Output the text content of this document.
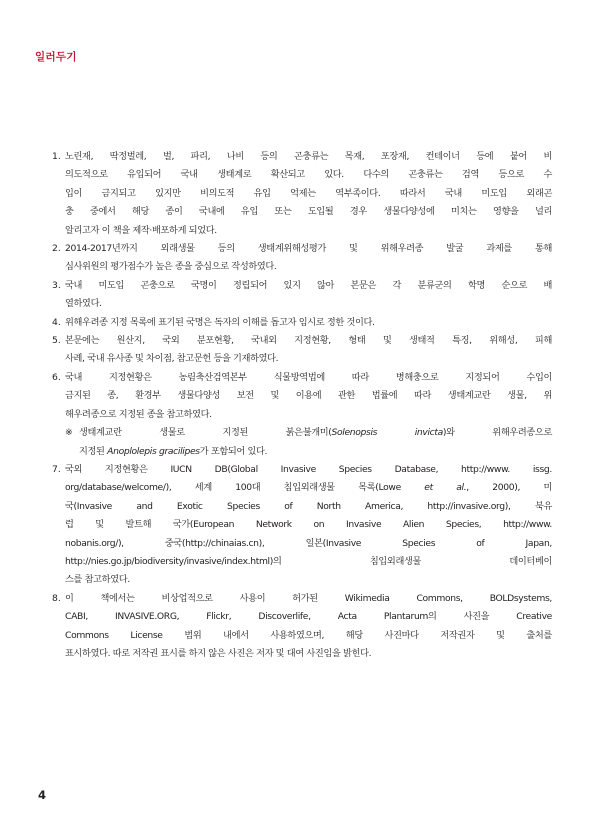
일러두기
1. 노린재, 딱정벌레, 벌, 파리, 나비 등의 곤충류는 목재, 포장재, 컨테이너 등에 붙어 비
의도적으로 유입되어 국내 생태계로 확산되고 있다. 다수의 곤충류는 검역 등으로 수
입이 금지되고 있지만 비의도적 유입 억제는 역부족이다. 따라서 국내 미도입 외래곤
충 중에서 해당 종이 국내에 유입 또는 도입될 경우 생물다양성에 미치는 영향을 널리
알리고자 이 책을 제작·배포하게 되었다.
2. 2014-2017년까지 외래생물 등의 생태계위해성평가 및 위해우려종 발굴 과제를 통해
심사위원의 평가점수가 높은 종을 중심으로 작성하였다.
3. 국내 미도입 곤충으로 국명이 정립되어 있지 않아 본문은 각 분류군의 학명 순으로 배
열하였다.
4. 위해우려종 지정 목록에 표기된 국명은 독자의 이해를 돕고자 임시로 정한 것이다.
5. 본문에는 원산지, 국외 분포현황, 국내외 지정현황, 형태 및 생태적 특징, 위해성, 피해
사례, 국내 유사종 및 차이점, 참고문헌 등을 기재하였다.
6. 국내 지정현황은 농림축산검역본부 식물방역법에 따라 병해충으로 지정되어 수입이
금지된 종, 환경부 생물다양성 보전 및 이용에 관한 법률에 따라 생태계교란 생물, 위
해우려종으로 지정된 종을 참고하였다.
※ 생태계교란 생물로 지정된 붉은불개미(Solenopsis invicta)와 위해우려종으로
지정된 Anoplolepis gracilipes가 포함되어 있다.
7. 국외 지정현황은 IUCN DB(Global Invasive Species Database, http://www. issg.
org/database/welcome/), 세계 100대 침입외래생물 목록(Lowe et al., 2000), 미
국(Invasive and Exotic Species of North America, http://invasive.org), 북유
럽 및 발트해 국가(European Network on Invasive Alien Species, http://www.
nobanis.org/), 중국(http://chinaias.cn), 일본(Invasive Species of Japan,
http://nies.go.jp/biodiversity/invasive/index.html)의 침입외래생물 데이터베이
스를 참고하였다.
8. 이 책에서는 비상업적으로 사용이 허가된 Wikimedia Commons, BOLDsystems,
CABI, INVASIVE.ORG, Flickr, Discoverlife, Acta Plantarum의 사진을 Creative
Commons License 범위 내에서 사용하였으며, 해당 사진마다 저작권자 및 출처를
표시하였다. 따로 저작권 표시를 하지 않은 사진은 저자 및 대여 사진임을 밝힌다.
4
